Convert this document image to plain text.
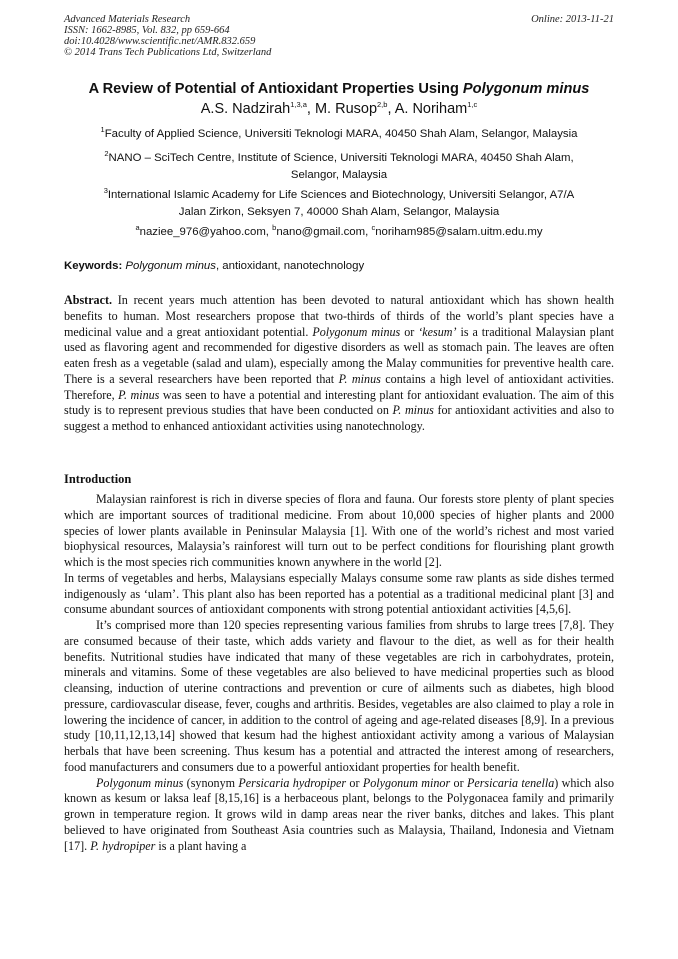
Advanced Materials Research
ISSN: 1662-8985, Vol. 832, pp 659-664
doi:10.4028/www.scientific.net/AMR.832.659
© 2014 Trans Tech Publications Ltd, Switzerland
Online: 2013-11-21
A Review of Potential of Antioxidant Properties Using Polygonum minus
A.S. Nadzirah$^{1,3,a}$, M. Rusop$^{2,b}$, A. Noriham$^{1,c}$
$^1$Faculty of Applied Science, Universiti Teknologi MARA, 40450 Shah Alam, Selangor, Malaysia
$^2$NANO – SciTech Centre, Institute of Science, Universiti Teknologi MARA, 40450 Shah Alam,
Selangor, Malaysia
$^3$International Islamic Academy for Life Sciences and Biotechnology, Universiti Selangor, A7/A
Jalan Zirkon, Seksyen 7, 40000 Shah Alam, Selangor, Malaysia
$^a$naziee_976@yahoo.com, $^b$nano@gmail.com, $^c$noriham985@salam.uitm.edu.my
Keywords: Polygonum minus, antioxidant, nanotechnology
Abstract. In recent years much attention has been devoted to natural antioxidant which has shown health benefits to human. Most researchers propose that two-thirds of thirds of the world’s plant species have a medicinal value and a great antioxidant potential. Polygonum minus or ‘kesum’ is a traditional Malaysian plant used as flavoring agent and recommended for digestive disorders as well as stomach pain. The leaves are often eaten fresh as a vegetable (salad and ulam), especially among the Malay communities for preventive health care. There is a several researchers have been reported that P. minus contains a high level of antioxidant activities. Therefore, P. minus was seen to have a potential and interesting plant for antioxidant evaluation. The aim of this study is to represent previous studies that have been conducted on P. minus for antioxidant activities and also to suggest a method to enhanced antioxidant activities using nanotechnology.
Introduction

Malaysian rainforest is rich in diverse species of flora and fauna. Our forests store plenty of plant species which are important sources of traditional medicine. From about 10,000 species of higher plants and 2000 species of lower plants available in Peninsular Malaysia [1]. With one of the world’s richest and most varied biophysical resources, Malaysia’s rainforest will turn out to be perfect conditions for flourishing plant growth which is the most species rich communities known anywhere in the world [2].

In terms of vegetables and herbs, Malaysians especially Malays consume some raw plants as side dishes termed indigenously as ‘ulam’. This plant also has been reported has a potential as a traditional medicinal plant [3] and consume abundant sources of antioxidant components with strong potential antioxidant activities [4,5,6].

It’s comprised more than 120 species representing various families from shrubs to large trees [7,8]. They are consumed because of their taste, which adds variety and flavour to the diet, as well as for their health benefits. Nutritional studies have indicated that many of these vegetables are rich in carbohydrates, protein, minerals and vitamins. Some of these vegetables are also believed to have medicinal properties such as blood cleansing, induction of uterine contractions and prevention or cure of ailments such as diabetes, high blood pressure, cardiovascular disease, fever, coughs and arthritis. Besides, vegetables are also claimed to play a role in lowering the incidence of cancer, in addition to the control of ageing and age-related diseases [8,9]. In a previous study [10,11,12,13,14] showed that kesum had the highest antioxidant activity among a various of Malaysian herbals that have been screening. Thus kesum has a potential and attracted the interest among of researchers, food manufacturers and consumers due to a powerful antioxidant properties for health benefit.

Polygonum minus (synonym Persicaria hydropiper or Polygonum minor or Persicaria tenella) which also known as kesum or laksa leaf [8,15,16] is a herbaceous plant, belongs to the Polygonacea family and primarily grown in temperature region. It grows wild in damp areas near the river banks, ditches and lakes. This plant believed to have originated from Southeast Asia countries such as Malaysia, Thailand, Indonesia and Vietnam [17]. P. hydropiper is a plant having a
